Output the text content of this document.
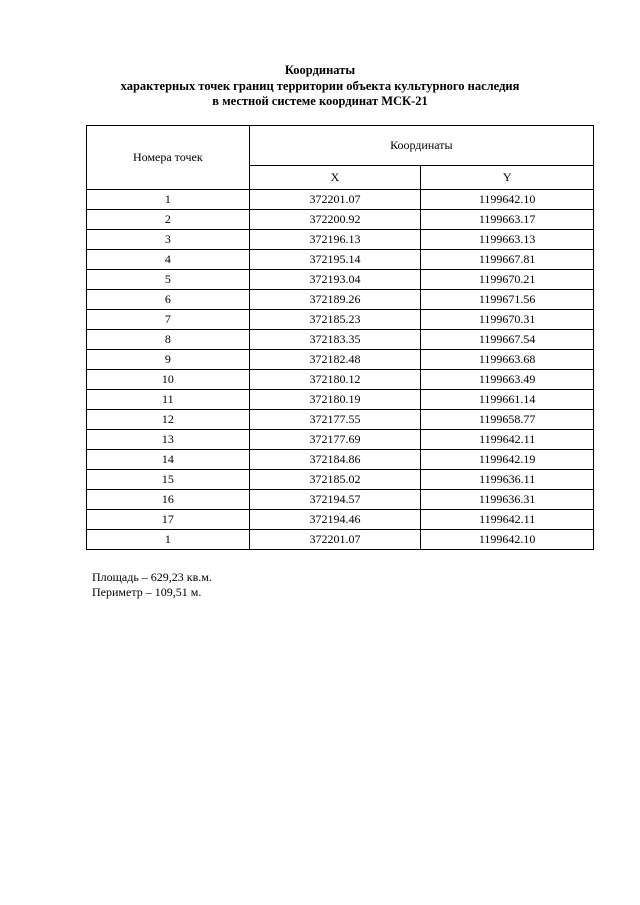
Координаты
характерных точек границ территории объекта культурного наследия
в местной системе координат МСК-21
Номера точек	Координаты	
	X	Y
1	372201.07	1199642.10
2	372200.92	1199663.17
3	372196.13	1199663.13
4	372195.14	1199667.81
5	372193.04	1199670.21
6	372189.26	1199671.56
7	372185.23	1199670.31
8	372183.35	1199667.54
9	372182.48	1199663.68
10	372180.12	1199663.49
11	372180.19	1199661.14
12	372177.55	1199658.77
13	372177.69	1199642.11
14	372184.86	1199642.19
15	372185.02	1199636.11
16	372194.57	1199636.31
17	372194.46	1199642.11
1	372201.07	1199642.10
Площадь – 629,23 кв.м.
Периметр – 109,51 м.
